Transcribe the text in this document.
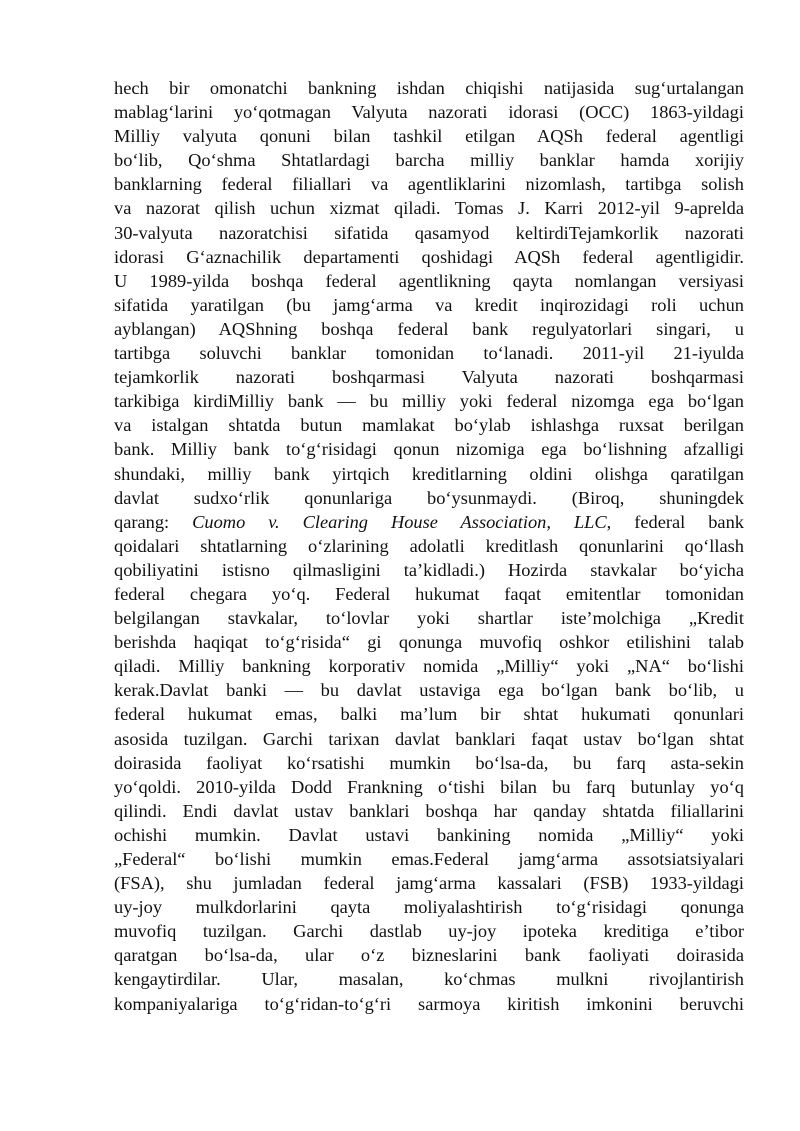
hech bir omonatchi bankning ishdan chiqishi natijasida sug‘urtalangan
mablag‘larini yo‘qotmagan Valyuta nazorati idorasi (OCC) 1863-yildagi
Milliy valyuta qonuni bilan tashkil etilgan AQSh federal agentligi
bo‘lib, Qo‘shma Shtatlardagi barcha milliy banklar hamda xorijiy
banklarning federal filiallari va agentliklarini nizomlash, tartibga solish
va nazorat qilish uchun xizmat qiladi. Tomas J. Karri 2012-yil 9-aprelda
30-valyuta nazoratchisi sifatida qasamyod keltirdiTejamkorlik nazorati
idorasi G‘aznachilik departamenti qoshidagi AQSh federal agentligidir.
U 1989-yilda boshqa federal agentlikning qayta nomlangan versiyasi
sifatida yaratilgan (bu jamg‘arma va kredit inqirozidagi roli uchun
ayblangan) AQShning boshqa federal bank regulyatorlari singari, u
tartibga soluvchi banklar tomonidan to‘lanadi. 2011-yil 21-iyulda
tejamkorlik nazorati boshqarmasi Valyuta nazorati boshqarmasi
tarkibiga kirdiMilliy bank — bu milliy yoki federal nizomga ega bo‘lgan
va istalgan shtatda butun mamlakat bo‘ylab ishlashga ruxsat berilgan
bank. Milliy bank to‘g‘risidagi qonun nizomiga ega bo‘lishning afzalligi
shundaki, milliy bank yirtqich kreditlarning oldini olishga qaratilgan
davlat sudxo‘rlik qonunlariga bo‘ysunmaydi. (Biroq, shuningdek
qarang: Cuomo v. Clearing House Association, LLC, federal bank
qoidalari shtatlarning o‘zlarining adolatli kreditlash qonunlarini qo‘llash
qobiliyatini istisno qilmasligini ta’kidladi.) Hozirda stavkalar bo‘yicha
federal chegara yo‘q. Federal hukumat faqat emitentlar tomonidan
belgilangan stavkalar, to‘lovlar yoki shartlar iste’molchiga „Kredit
berishda haqiqat to‘g‘risida“ gi qonunga muvofiq oshkor etilishini talab
qiladi. Milliy bankning korporativ nomida „Milliy“ yoki „NA“ bo‘lishi
kerak.Davlat banki — bu davlat ustaviga ega bo‘lgan bank bo‘lib, u
federal hukumat emas, balki ma’lum bir shtat hukumati qonunlari
asosida tuzilgan. Garchi tarixan davlat banklari faqat ustav bo‘lgan shtat
doirasida faoliyat ko‘rsatishi mumkin bo‘lsa-da, bu farq asta-sekin
yo‘qoldi. 2010-yilda Dodd Frankning o‘tishi bilan bu farq butunlay yo‘q
qilindi. Endi davlat ustav banklari boshqa har qanday shtatda filiallarini
ochishi mumkin. Davlat ustavi bankining nomida „Milliy“ yoki
„Federal“ bo‘lishi mumkin emas.Federal jamg‘arma assotsiatsiyalari
(FSA), shu jumladan federal jamg‘arma kassalari (FSB) 1933-yildagi
uy-joy mulkdorlarini qayta moliyalashtirish to‘g‘risidagi qonunga
muvofiq tuzilgan. Garchi dastlab uy-joy ipoteka kreditiga e’tibor
qaratgan bo‘lsa-da, ular o‘z bizneslarini bank faoliyati doirasida
kengaytirdilar. Ular, masalan, ko‘chmas mulkni rivojlantirish
kompaniyalariga to‘g‘ridan-to‘g‘ri sarmoya kiritish imkonini beruvchi
